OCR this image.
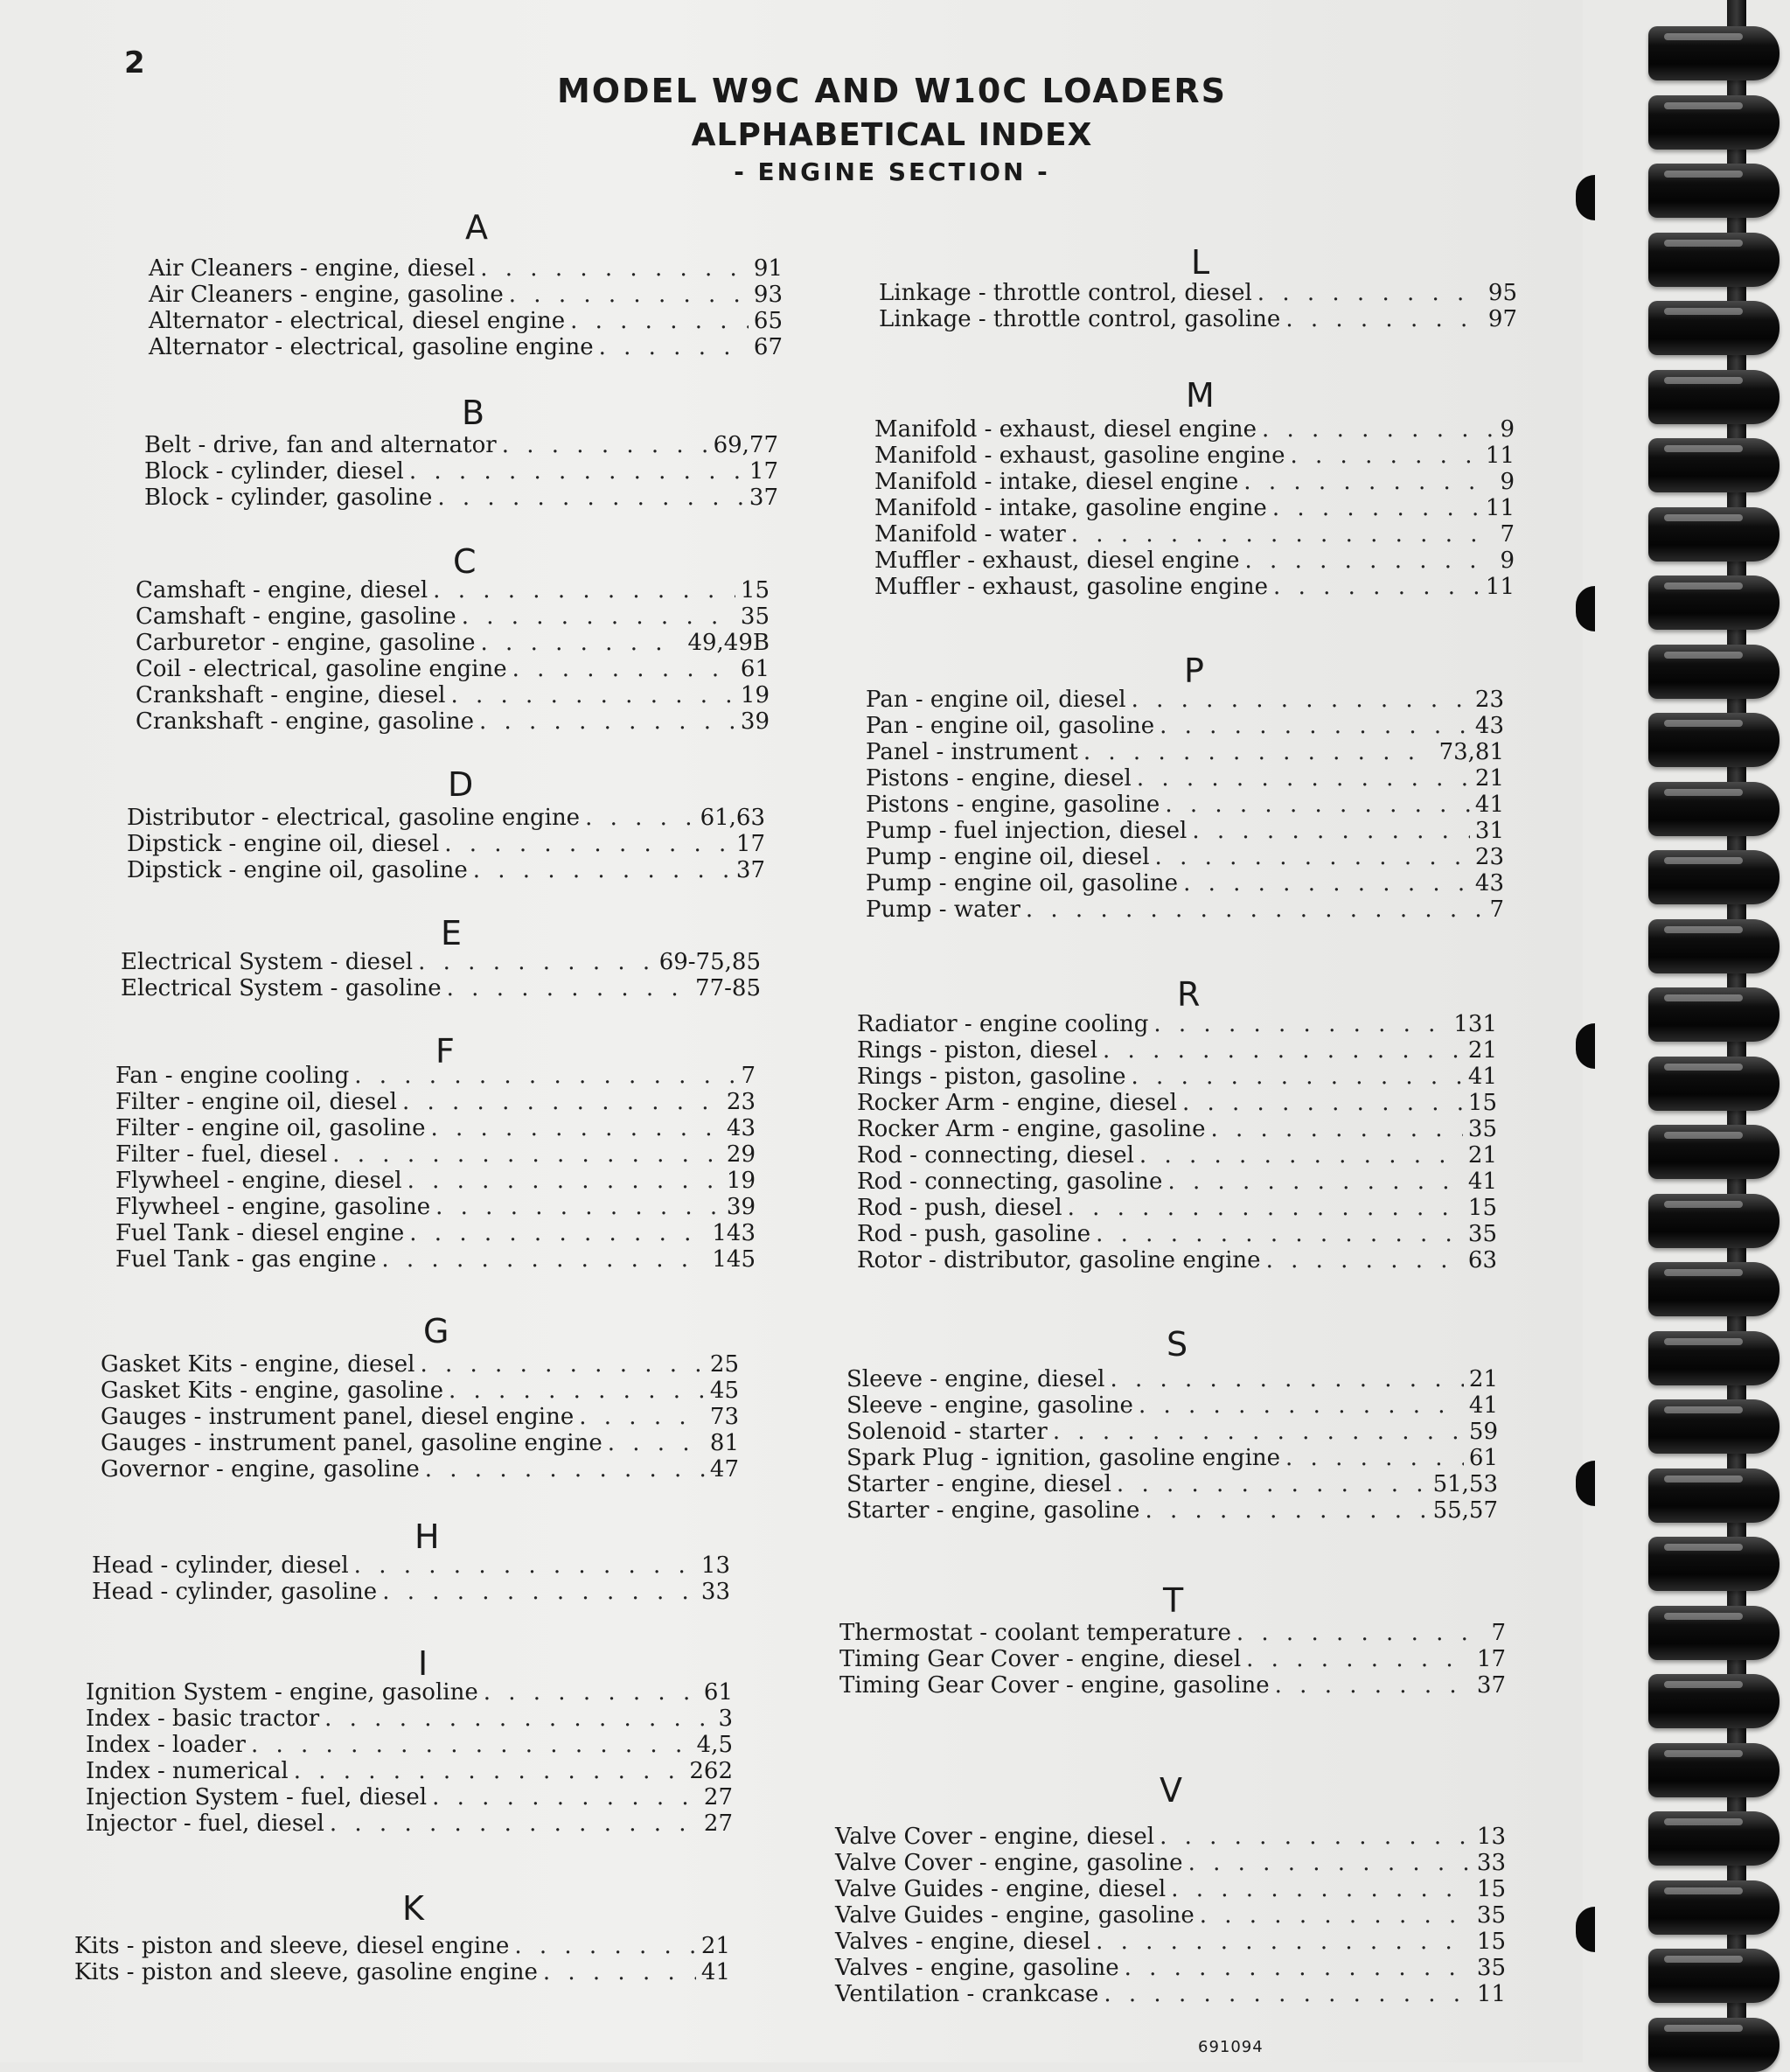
2
MODEL W9C AND W10C LOADERS
ALPHABETICAL INDEX
- ENGINE SECTION -
A
Air Cleaners - engine, diesel . . .	91
Air Cleaners - engine, gasoline . . .	93
Alternator - electrical, diesel engine . . .	65
Alternator - electrical, gasoline engine . . .	67
B
Belt - drive, fan and alternator . . .	69,77
Block - cylinder, diesel . . .	17
Block - cylinder, gasoline . . .	37
C
Camshaft - engine, diesel . . .	15
Camshaft - engine, gasoline . . .	35
Carburetor - engine, gasoline . . .	49,49B
Coil - electrical, gasoline engine . . .	61
Crankshaft - engine, diesel . . .	19
Crankshaft - engine, gasoline . . .	39
D
Distributor - electrical, gasoline engine . . .	61,63
Dipstick - engine oil, diesel . . .	17
Dipstick - engine oil, gasoline . . .	37
E
Electrical System - diesel . . .	69-75,85
Electrical System - gasoline . . .	77-85
F
Fan - engine cooling . . .	7
Filter - engine oil, diesel . . .	23
Filter - engine oil, gasoline . . .	43
Filter - fuel, diesel . . .	29
Flywheel - engine, diesel . . .	19
Flywheel - engine, gasoline . . .	39
Fuel Tank - diesel engine . . .	143
Fuel Tank - gas engine . . .	145
G
Gasket Kits - engine, diesel . . .	25
Gasket Kits - engine, gasoline . . .	45
Gauges - instrument panel, diesel engine . . .	73
Gauges - instrument panel, gasoline engine . . .	81
Governor - engine, gasoline . . .	47
H
Head - cylinder, diesel . . .	13
Head - cylinder, gasoline . . .	33
I
Ignition System - engine, gasoline . . .	61
Index - basic tractor . . .	3
Index - loader . . .	4,5
Index - numerical . . .	262
Injection System - fuel, diesel . . .	27
Injector - fuel, diesel . . .	27
K
Kits - piston and sleeve, diesel engine . . .	21
Kits - piston and sleeve, gasoline engine . . .	41
L
Linkage - throttle control, diesel . . .	95
Linkage - throttle control, gasoline . . .	97
M
Manifold - exhaust, diesel engine . . .	9
Manifold - exhaust, gasoline engine . . .	11
Manifold - intake, diesel engine . . .	9
Manifold - intake, gasoline engine . . .	11
Manifold - water . . .	7
Muffler - exhaust, diesel engine . . .	9
Muffler - exhaust, gasoline engine . . .	11
P
Pan - engine oil, diesel . . .	23
Pan - engine oil, gasoline . . .	43
Panel - instrument . . .	73,81
Pistons - engine, diesel . . .	21
Pistons - engine, gasoline . . .	41
Pump - fuel injection, diesel . . .	31
Pump - engine oil, diesel . . .	23
Pump - engine oil, gasoline . . .	43
Pump - water . . .	7
R
Radiator - engine cooling . . .	131
Rings - piston, diesel . . .	21
Rings - piston, gasoline . . .	41
Rocker Arm - engine, diesel . . .	15
Rocker Arm - engine, gasoline . . .	35
Rod - connecting, diesel . . .	21
Rod - connecting, gasoline . . .	41
Rod - push, diesel . . .	15
Rod - push, gasoline . . .	35
Rotor - distributor, gasoline engine . . .	63
S
Sleeve - engine, diesel . . .	21
Sleeve - engine, gasoline . . .	41
Solenoid - starter . . .	59
Spark Plug - ignition, gasoline engine . . .	61
Starter - engine, diesel . . .	51,53
Starter - engine, gasoline . . .	55,57
T
Thermostat - coolant temperature . . .	7
Timing Gear Cover - engine, diesel . . .	17
Timing Gear Cover - engine, gasoline . . .	37
V
Valve Cover - engine, diesel . . .	13
Valve Cover - engine, gasoline . . .	33
Valve Guides - engine, diesel . . .	15
Valve Guides - engine, gasoline . . .	35
Valves - engine, diesel . . .	15
Valves - engine, gasoline . . .	35
Ventilation - crankcase . . .	11
691094
